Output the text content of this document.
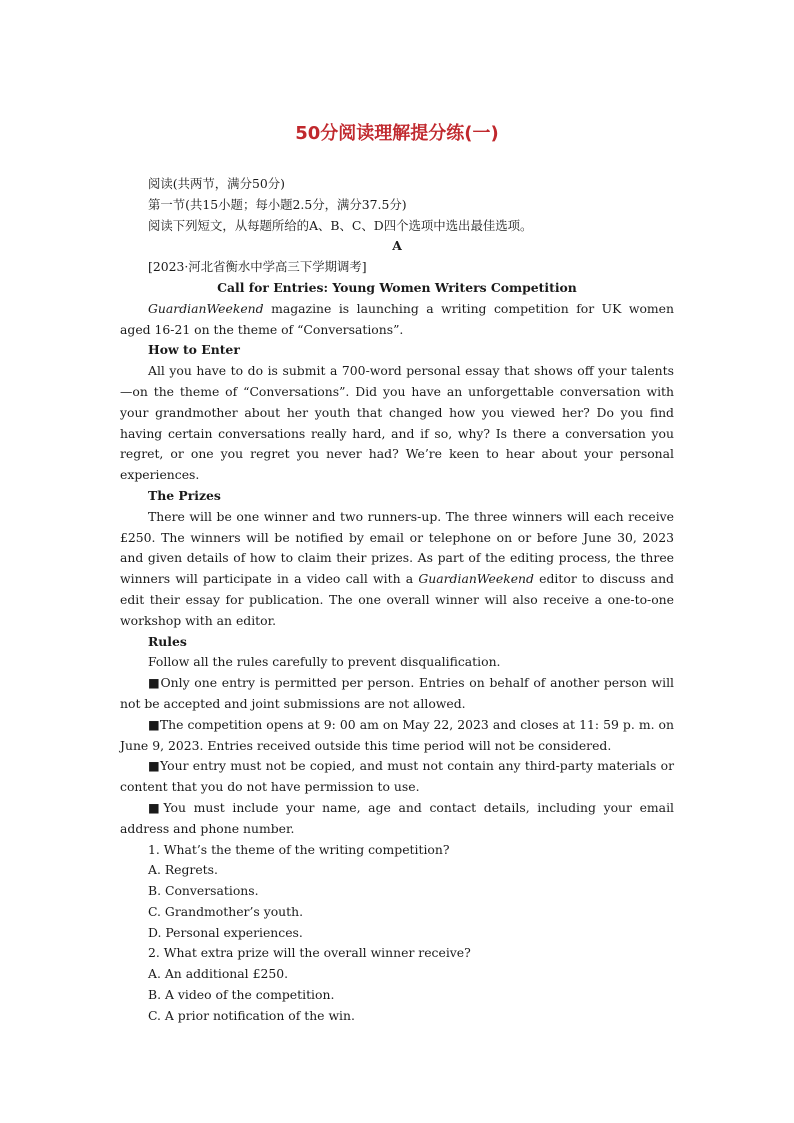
50分阅读理解提分练(一)

阅读(共两节，满分50分)

第一节(共15小题；每小题2.5分，满分37.5分)

阅读下列短文，从每题所给的A、B、C、D四个选项中选出最佳选项。

A

[2023·河北省衡水中学高三下学期调考]

Call for Entries: Young Women Writers Competition

GuardianWeekend magazine is launching a writing competition for UK women aged 16-21 on the theme of “Conversations”.

How to Enter

All you have to do is submit a 700-word personal essay that shows off your talents—on the theme of “Conversations”. Did you have an unforgettable conversation with your grandmother about her youth that changed how you viewed her? Do you find having certain conversations really hard, and if so, why? Is there a conversation you regret, or one you regret you never had? We’re keen to hear about your personal experiences.

The Prizes

There will be one winner and two runners-up. The three winners will each receive £250. The winners will be notified by email or telephone on or before June 30, 2023 and given details of how to claim their prizes. As part of the editing process, the three winners will participate in a video call with a GuardianWeekend editor to discuss and edit their essay for publication. The one overall winner will also receive a one-to-one workshop with an editor.

Rules

Follow all the rules carefully to prevent disqualification.

■Only one entry is permitted per person. Entries on behalf of another person will not be accepted and joint submissions are not allowed.

■The competition opens at 9: 00 am on May 22, 2023 and closes at 11: 59 p. m. on June 9, 2023. Entries received outside this time period will not be considered.

■Your entry must not be copied, and must not contain any third-party materials or content that you do not have permission to use.

■You must include your name, age and contact details, including your email address and phone number.

1. What’s the theme of the writing competition?

A. Regrets.

B. Conversations.

C. Grandmother’s youth.

D. Personal experiences.

2. What extra prize will the overall winner receive?

A. An additional £250.

B. A video of the competition.

C. A prior notification of the win.
